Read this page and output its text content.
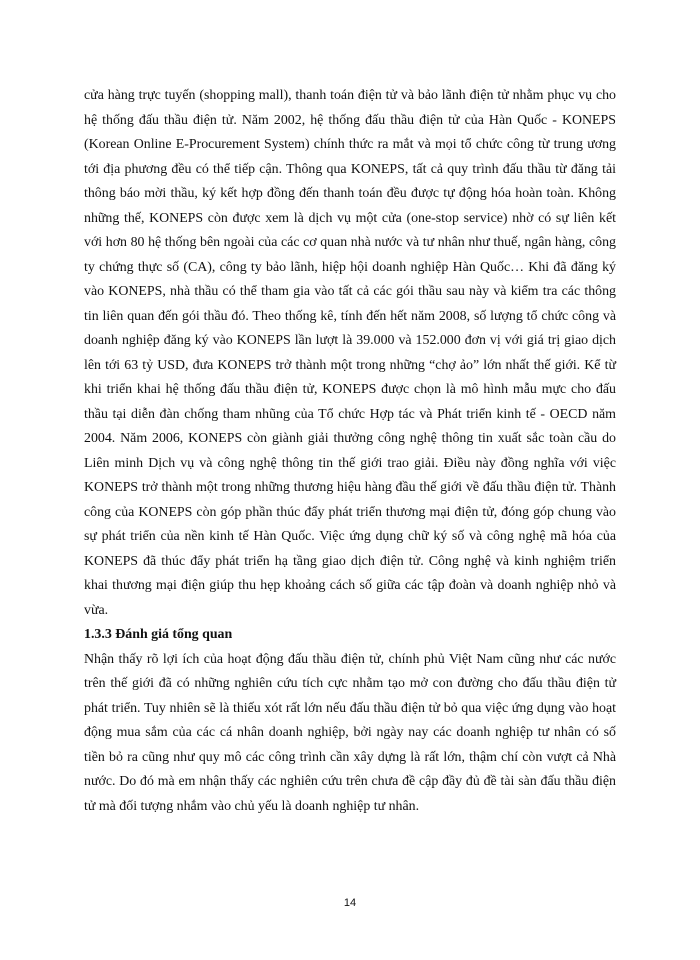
cửa hàng trực tuyến (shopping mall), thanh toán điện tử và bảo lãnh điện tử nhằm phục vụ cho hệ thống đấu thầu điện tử. Năm 2002, hệ thống đấu thầu điện tử của Hàn Quốc - KONEPS (Korean Online E-Procurement System) chính thức ra mắt và mọi tổ chức công từ trung ương tới địa phương đều có thể tiếp cận. Thông qua KONEPS, tất cả quy trình đấu thầu từ đăng tải thông báo mời thầu, ký kết hợp đồng đến thanh toán đều được tự động hóa hoàn toàn. Không những thế, KONEPS còn được xem là dịch vụ một cửa (one-stop service) nhờ có sự liên kết với hơn 80 hệ thống bên ngoài của các cơ quan nhà nước và tư nhân như thuế, ngân hàng, công ty chứng thực số (CA), công ty bảo lãnh, hiệp hội doanh nghiệp Hàn Quốc… Khi đã đăng ký vào KONEPS, nhà thầu có thể tham gia vào tất cả các gói thầu sau này và kiểm tra các thông tin liên quan đến gói thầu đó. Theo thống kê, tính đến hết năm 2008, số lượng tổ chức công và doanh nghiệp đăng ký vào KONEPS lần lượt là 39.000 và 152.000 đơn vị với giá trị giao dịch lên tới 63 tỷ USD, đưa KONEPS trở thành một trong những “chợ ảo” lớn nhất thế giới. Kể từ khi triển khai hệ thống đấu thầu điện tử, KONEPS được chọn là mô hình mẫu mực cho đấu thầu tại diễn đàn chống tham nhũng của Tổ chức Hợp tác và Phát triển kinh tế - OECD năm 2004. Năm 2006, KONEPS còn giành giải thưởng công nghệ thông tin xuất sắc toàn cầu do Liên minh Dịch vụ và công nghệ thông tin thế giới trao giải. Điều này đồng nghĩa với việc KONEPS trở thành một trong những thương hiệu hàng đầu thế giới về đấu thầu điện tử. Thành công của KONEPS còn góp phần thúc đẩy phát triển thương mại điện tử, đóng góp chung vào sự phát triển của nền kinh tế Hàn Quốc. Việc ứng dụng chữ ký số và công nghệ mã hóa của KONEPS đã thúc đẩy phát triển hạ tầng giao dịch điện tử. Công nghệ và kinh nghiệm triển khai thương mại điện giúp thu hẹp khoảng cách số giữa các tập đoàn và doanh nghiệp nhỏ và vừa.

1.3.3 Đánh giá tổng quan

Nhận thấy rõ lợi ích của hoạt động đấu thầu điện tử, chính phủ Việt Nam cũng như các nước trên thế giới đã có những nghiên cứu tích cực nhằm tạo mở con đường cho đấu thầu điện tử phát triển. Tuy nhiên sẽ là thiếu xót rất lớn nếu đấu thầu điện tử bỏ qua việc ứng dụng vào hoạt động mua sắm của các cá nhân doanh nghiệp, bởi ngày nay các doanh nghiệp tư nhân có số tiền bỏ ra cũng như quy mô các công trình cần xây dựng là rất lớn, thậm chí còn vượt cả Nhà nước. Do đó mà em nhận thấy các nghiên cứu trên chưa đề cập đầy đủ đề tài sàn đấu thầu điện tử mà đối tượng nhắm vào chủ yếu là doanh nghiệp tư nhân.

14
